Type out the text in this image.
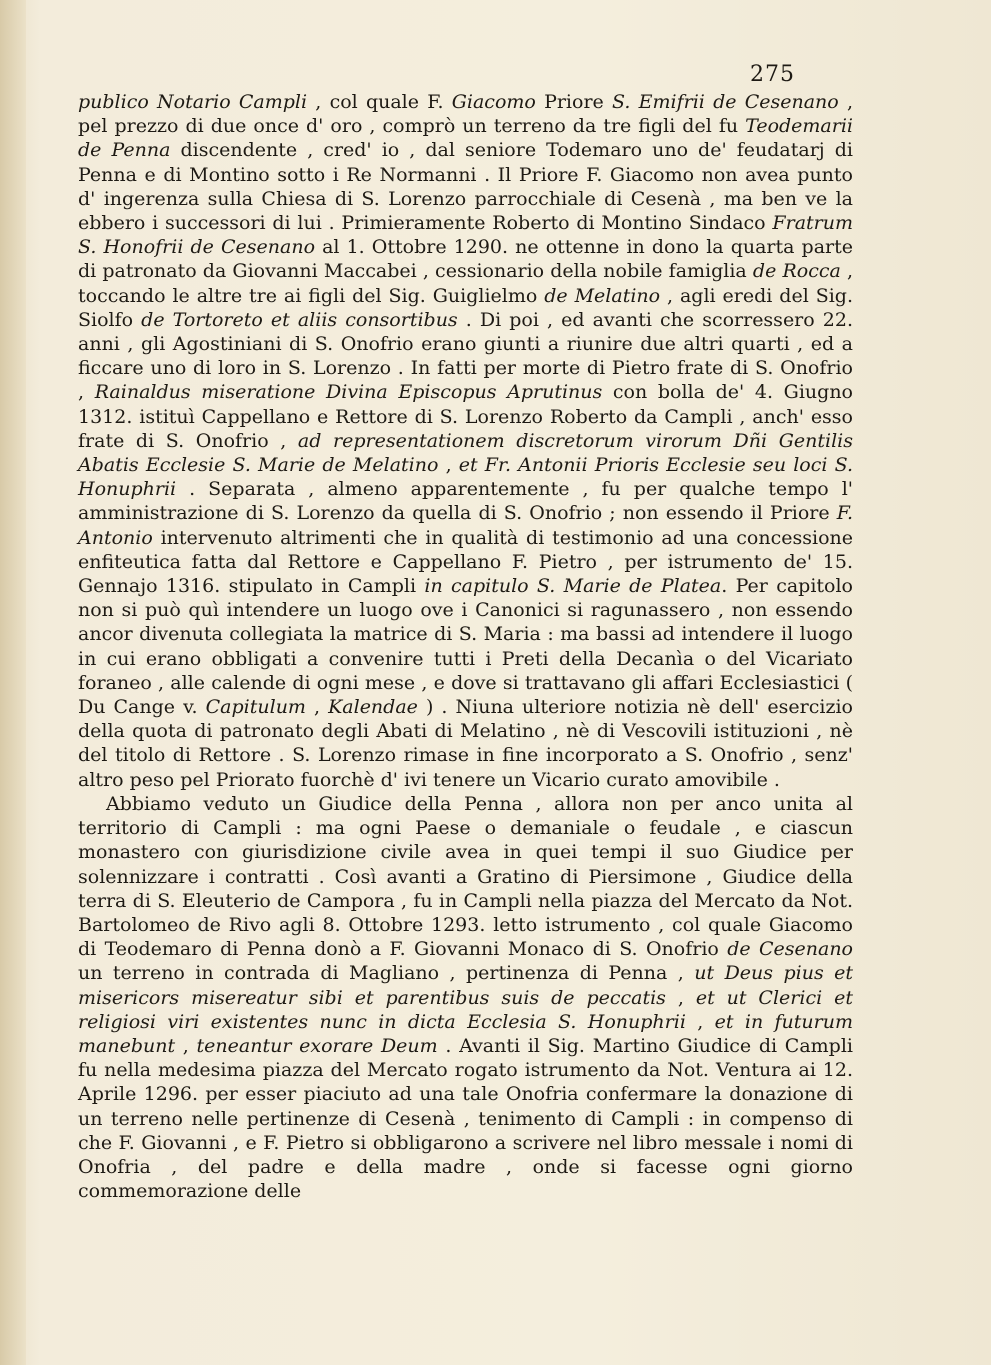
275

publico Notario Campli , col quale F. Giacomo Priore S. Emifrii de Cesenano , pel prezzo di due once d' oro , comprò un terreno da tre figli del fu Teodemarii de Penna discendente , cred' io , dal seniore Todemaro uno de' feudatarj di Penna e di Montino sotto i Re Normanni . Il Priore F. Giacomo non avea punto d' ingerenza sulla Chiesa di S. Lorenzo parrocchiale di Cesenà , ma ben ve la ebbero i successori di lui . Primieramente Roberto di Montino Sindaco Fratrum S. Honofrii de Cesenano al 1. Ottobre 1290. ne ottenne in dono la quarta parte di patronato da Giovanni Maccabei , cessionario della nobile famiglia de Rocca , toccando le altre tre ai figli del Sig. Guiglielmo de Melatino , agli eredi del Sig. Siolfo de Tortoreto et aliis consortibus . Di poi , ed avanti che scorressero 22. anni , gli Agostiniani di S. Onofrio erano giunti a riunire due altri quarti , ed a ficcare uno di loro in S. Lorenzo . In fatti per morte di Pietro frate di S. Onofrio , Rainaldus miseratione Divina Episcopus Aprutinus con bolla de' 4. Giugno 1312. istituì Cappellano e Rettore di S. Lorenzo Roberto da Campli , anch' esso frate di S. Onofrio , ad representationem discretorum virorum Dñi Gentilis Abatis Ecclesie S. Marie de Melatino , et Fr. Antonii Prioris Ecclesie seu loci S. Honuphrii . Separata , almeno apparentemente , fu per qualche tempo l' amministrazione di S. Lorenzo da quella di S. Onofrio ; non essendo il Priore F. Antonio intervenuto altrimenti che in qualità di testimonio ad una concessione enfiteutica fatta dal Rettore e Cappellano F. Pietro , per istrumento de' 15. Gennajo 1316. stipulato in Campli in capitulo S. Marie de Platea. Per capitolo non si può quì intendere un luogo ove i Canonici si ragunassero , non essendo ancor divenuta collegiata la matrice di S. Maria : ma bassi ad intendere il luogo in cui erano obbligati a convenire tutti i Preti della Decanìa o del Vicariato foraneo , alle calende di ogni mese , e dove si trattavano gli affari Ecclesiastici ( Du Cange v. Capitulum , Kalendae ) . Niuna ulteriore notizia nè dell' esercizio della quota di patronato degli Abati di Melatino , nè di Vescovili istituzioni , nè del titolo di Rettore . S. Lorenzo rimase in fine incorporato a S. Onofrio , senz' altro peso pel Priorato fuorchè d' ivi tenere un Vicario curato amovibile .

Abbiamo veduto un Giudice della Penna , allora non per anco unita al territorio di Campli : ma ogni Paese o demaniale o feudale , e ciascun monastero con giurisdizione civile avea in quei tempi il suo Giudice per solennizzare i contratti . Così avanti a Gratino di Piersimone , Giudice della terra di S. Eleuterio de Campora , fu in Campli nella piazza del Mercato da Not. Bartolomeo de Rivo agli 8. Ottobre 1293. letto istrumento , col quale Giacomo di Teodemaro di Penna donò a F. Giovanni Monaco di S. Onofrio de Cesenano un terreno in contrada di Magliano , pertinenza di Penna , ut Deus pius et misericors misereatur sibi et parentibus suis de peccatis , et ut Clerici et religiosi viri existentes nunc in dicta Ecclesia S. Honuphrii , et in futurum manebunt , teneantur exorare Deum . Avanti il Sig. Martino Giudice di Campli fu nella medesima piazza del Mercato rogato istrumento da Not. Ventura ai 12. Aprile 1296. per esser piaciuto ad una tale Onofria confermare la donazione di un terreno nelle pertinenze di Cesenà , tenimento di Campli : in compenso di che F. Giovanni , e F. Pietro si obbligarono a scrivere nel libro messale i nomi di Onofria , del padre e della madre , onde si facesse ogni giorno commemorazione delle
